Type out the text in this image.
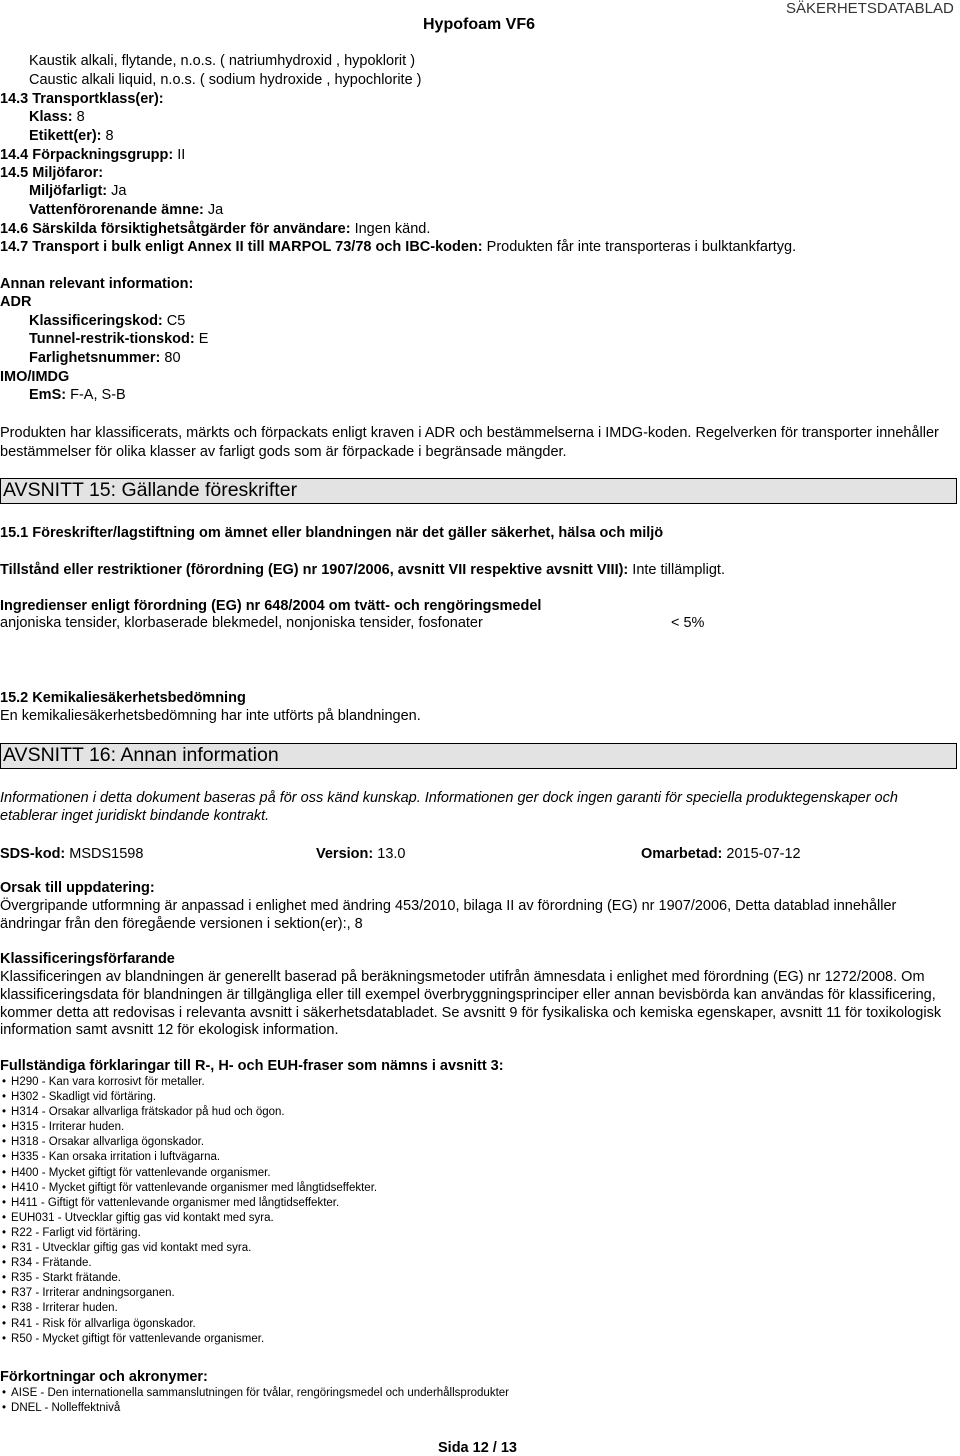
Hypofoam VF6
SÄKERHETSDATABLAD
Kaustik alkali, flytande, n.o.s. ( natriumhydroxid , hypoklorit )
Caustic alkali liquid, n.o.s. ( sodium hydroxide , hypochlorite )
14.3 Transportklass(er):
Klass: 8
Etikett(er): 8
14.4 Förpackningsgrupp: II
14.5 Miljöfaror:
Miljöfarligt: Ja
Vattenförorenande ämne: Ja
14.6 Särskilda försiktighetsåtgärder för användare: Ingen känd.
14.7 Transport i bulk enligt Annex II till MARPOL 73/78 och IBC-koden: Produkten får inte transporteras i bulktankfartyg.
Annan relevant information:
ADR
Klassificeringskod: C5
Tunnel-restrik-tionskod: E
Farlighetsnummer: 80
IMO/IMDG
EmS: F-A, S-B
Produkten har klassificerats, märkts och förpackats enligt kraven i ADR och bestämmelserna i IMDG-koden. Regelverken för transporter innehåller bestämmelser för olika klasser av farligt gods som är förpackade i begränsade mängder.
AVSNITT 15: Gällande föreskrifter
15.1 Föreskrifter/lagstiftning om ämnet eller blandningen när det gäller säkerhet, hälsa och miljö
Tillstånd eller restriktioner (förordning (EG) nr 1907/2006, avsnitt VII respektive avsnitt VIII): Inte tillämpligt.
Ingredienser enligt förordning (EG) nr 648/2004 om tvätt- och rengöringsmedel
anjoniska tensider, klorbaserade blekmedel, nonjoniska tensider, fosfonater	< 5%
15.2 Kemikaliesäkerhetsbedömning
En kemikaliesäkerhetsbedömning har inte utförts på blandningen.
AVSNITT 16: Annan information
Informationen i detta dokument baseras på för oss känd kunskap. Informationen ger dock ingen garanti för speciella produktegenskaper och etablerar inget juridiskt bindande kontrakt.
SDS-kod: MSDS1598	Version: 13.0	Omarbetad: 2015-07-12
Orsak till uppdatering:
Övergripande utformning är anpassad i enlighet med ändring 453/2010, bilaga II av förordning (EG) nr 1907/2006, Detta datablad innehåller ändringar från den föregående versionen i sektion(er):, 8
Klassificeringsförfarande
Klassificeringen av blandningen är generellt baserad på beräkningsmetoder utifrån ämnesdata i enlighet med förordning (EG) nr 1272/2008. Om klassificeringsdata för blandningen är tillgängliga eller till exempel överbryggningsprinciper eller annan bevisbörda kan användas för klassificering, kommer detta att redovisas i relevanta avsnitt i säkerhetsdatabladet. Se avsnitt 9 för fysikaliska och kemiska egenskaper, avsnitt 11 för toxikologisk information samt avsnitt 12 för ekologisk information.
Fullständiga förklaringar till R-, H- och EUH-fraser som nämns i avsnitt 3:
• H290 - Kan vara korrosivt för metaller.
• H302 - Skadligt vid förtäring.
• H314 - Orsakar allvarliga frätskador på hud och ögon.
• H315 - Irriterar huden.
• H318 - Orsakar allvarliga ögonskador.
• H335 - Kan orsaka irritation i luftvägarna.
• H400 - Mycket giftigt för vattenlevande organismer.
• H410 - Mycket giftigt för vattenlevande organismer med långtidseffekter.
• H411 - Giftigt för vattenlevande organismer med långtidseffekter.
• EUH031 - Utvecklar giftig gas vid kontakt med syra.
• R22 - Farligt vid förtäring.
• R31 - Utvecklar giftig gas vid kontakt med syra.
• R34 - Frätande.
• R35 - Starkt frätande.
• R37 - Irriterar andningsorganen.
• R38 - Irriterar huden.
• R41 - Risk för allvarliga ögonskador.
• R50 - Mycket giftigt för vattenlevande organismer.
Förkortningar och akronymer:
• AISE - Den internationella sammanslutningen för tvålar, rengöringsmedel och underhållsprodukter
• DNEL - Nolleffektnivå
Sida 12 / 13
